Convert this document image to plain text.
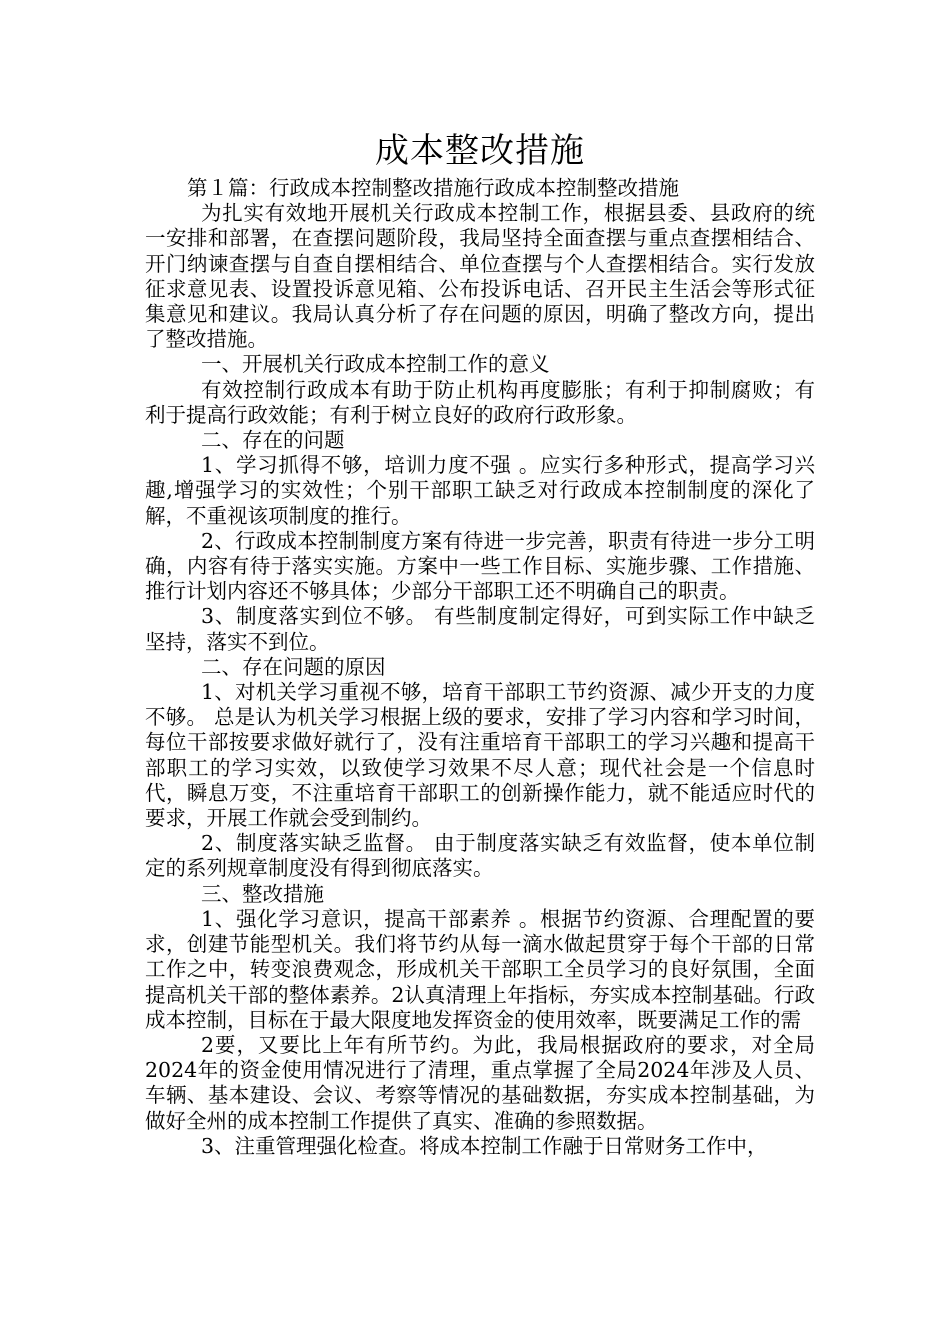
成本整改措施

第１篇：行政成本控制整改措施行政成本控制整改措施

为扎实有效地开展机关行政成本控制工作，根据县委、县政府的统一安排和部署，在查摆问题阶段，我局坚持全面查摆与重点查摆相结合、开门纳谏查摆与自查自摆相结合、单位查摆与个人查摆相结合。实行发放征求意见表、设置投诉意见箱、公布投诉电话、召开民主生活会等形式征集意见和建议。我局认真分析了存在问题的原因，明确了整改方向，提出了整改措施。

一、开展机关行政成本控制工作的意义

有效控制行政成本有助于防止机构再度膨胀；有利于抑制腐败；有利于提高行政效能；有利于树立良好的政府行政形象。

二、存在的问题

1、学习抓得不够，培训力度不强 。应实行多种形式，提高学习兴趣,增强学习的实效性；个别干部职工缺乏对行政成本控制制度的深化了解，不重视该项制度的推行。

2、行政成本控制制度方案有待进一步完善，职责有待进一步分工明确，内容有待于落实实施。方案中一些工作目标、实施步骤、工作措施、推行计划内容还不够具体；少部分干部职工还不明确自己的职责。

3、制度落实到位不够。 有些制度制定得好，可到实际工作中缺乏坚持，落实不到位。

二、存在问题的原因

1、对机关学习重视不够，培育干部职工节约资源、减少开支的力度不够。 总是认为机关学习根据上级的要求，安排了学习内容和学习时间，每位干部按要求做好就行了，没有注重培育干部职工的学习兴趣和提高干部职工的学习实效，以致使学习效果不尽人意；现代社会是一个信息时代，瞬息万变，不注重培育干部职工的创新操作能力，就不能适应时代的要求，开展工作就会受到制约。

2、制度落实缺乏监督。 由于制度落实缺乏有效监督，使本单位制定的系列规章制度没有得到彻底落实。

三、整改措施

1、强化学习意识，提高干部素养 。根据节约资源、合理配置的要求，创建节能型机关。我们将节约从每一滴水做起贯穿于每个干部的日常工作之中，转变浪费观念，形成机关干部职工全员学习的良好氛围，全面提高机关干部的整体素养。2认真清理上年指标，夯实成本控制基础。行政成本控制，目标在于最大限度地发挥资金的使用效率，既要满足工作的需

2要，又要比上年有所节约。为此，我局根据政府的要求，对全局2024年的资金使用情况进行了清理，重点掌握了全局2024年涉及人员、车辆、基本建设、会议、考察等情况的基础数据，夯实成本控制基础，为做好全州的成本控制工作提供了真实、准确的参照数据。

3、注重管理强化检查。将成本控制工作融于日常财务工作中，
